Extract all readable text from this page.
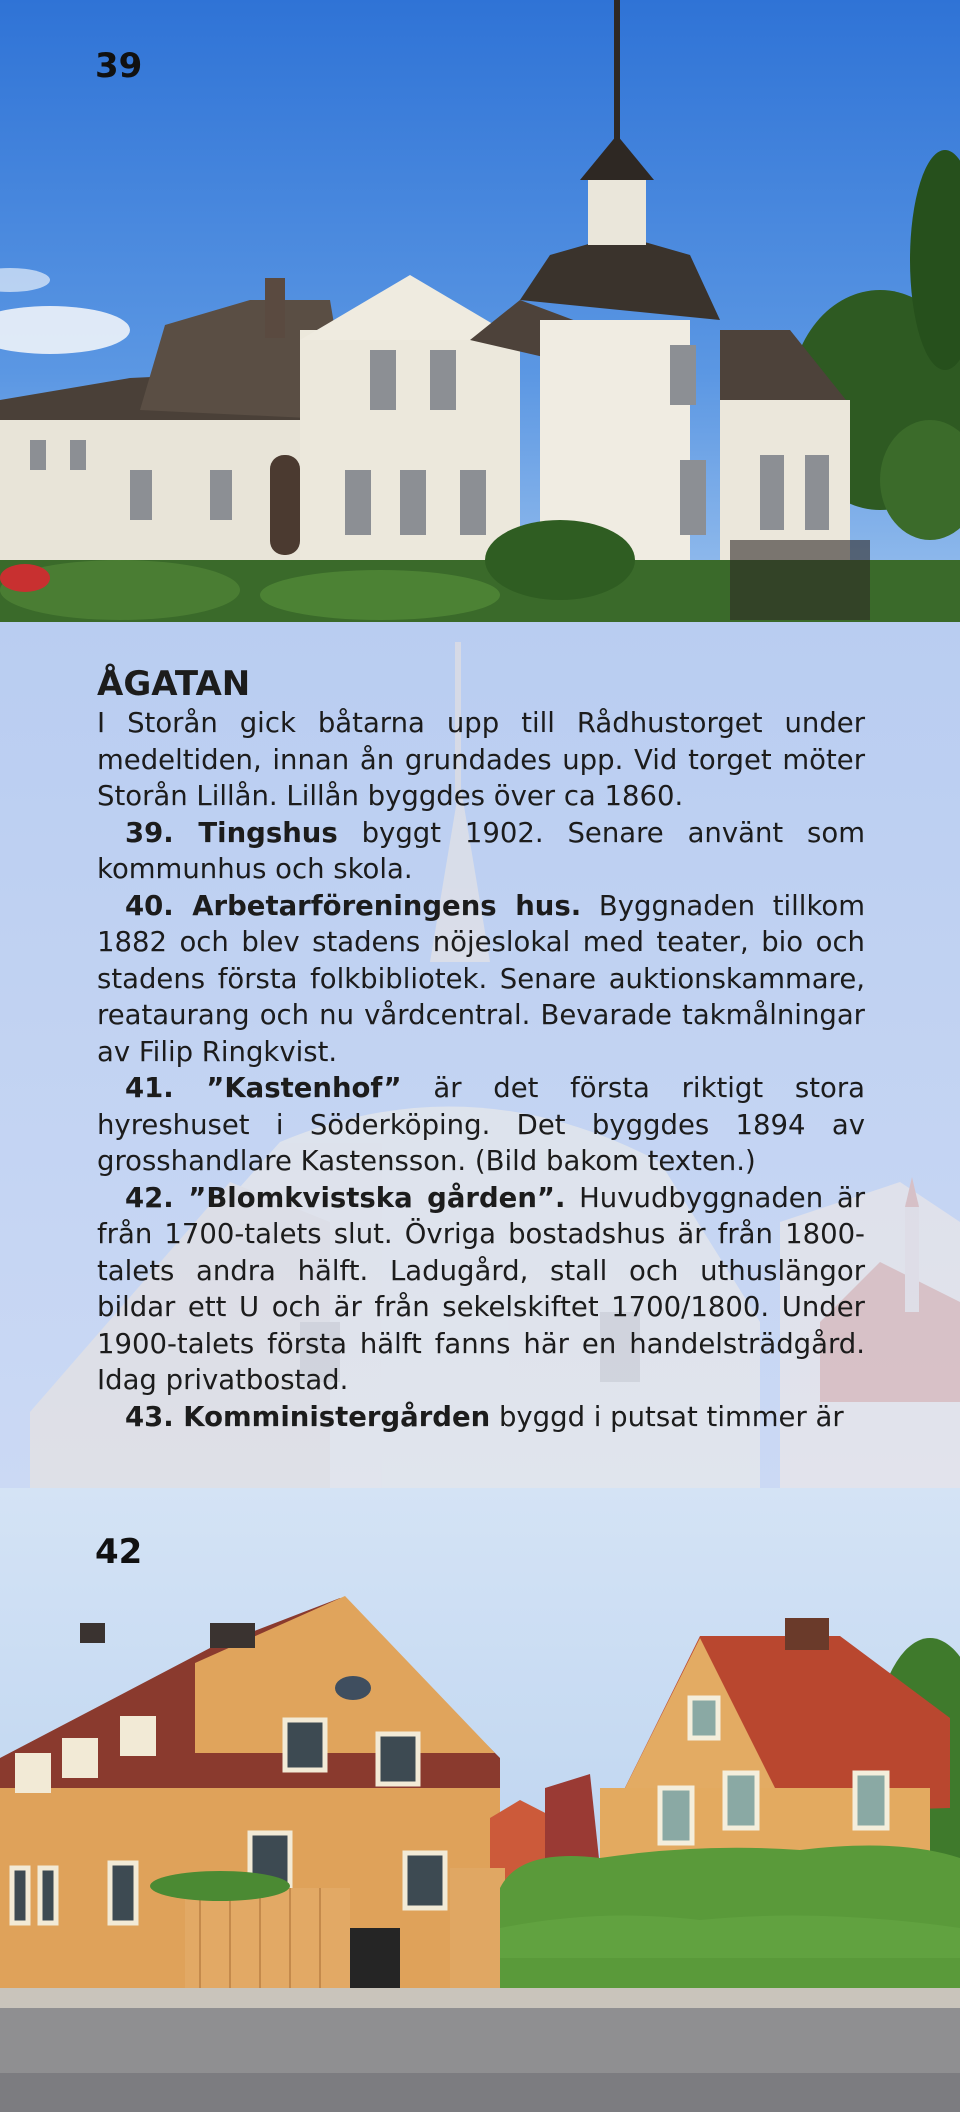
39
ÅGATAN

I Storån gick båtarna upp till Rådhustorget under medeltiden, innan ån grundades upp. Vid torget möter Storån Lillån. Lillån byggdes över ca 1860.

39. Tingshus byggt 1902. Senare använt som kommunhus och skola.

40. Arbetarföreningens hus. Byggnaden tillkom 1882 och blev stadens nöjeslokal med teater, bio och stadens första folkbibliotek. Senare auktionskammare, reataurang och nu vårdcentral. Bevarade takmålningar av Filip Ringkvist.

41. ”Kastenhof” är det första riktigt stora hyreshuset i Söderköping. Det byggdes 1894 av grosshandlare Kastensson. (Bild bakom texten.)

42. ”Blomkvistska gården”. Huvudbyggnaden är från 1700-talets slut. Övriga bostadshus är från 1800-talets andra hälft. Ladugård, stall och uthuslängor bildar ett U och är från sekelskiftet 1700/1800. Under 1900-talets första hälft fanns här en handelsträdgård. Idag privatbostad.

43. Komministergården byggd i putsat timmer är

42
